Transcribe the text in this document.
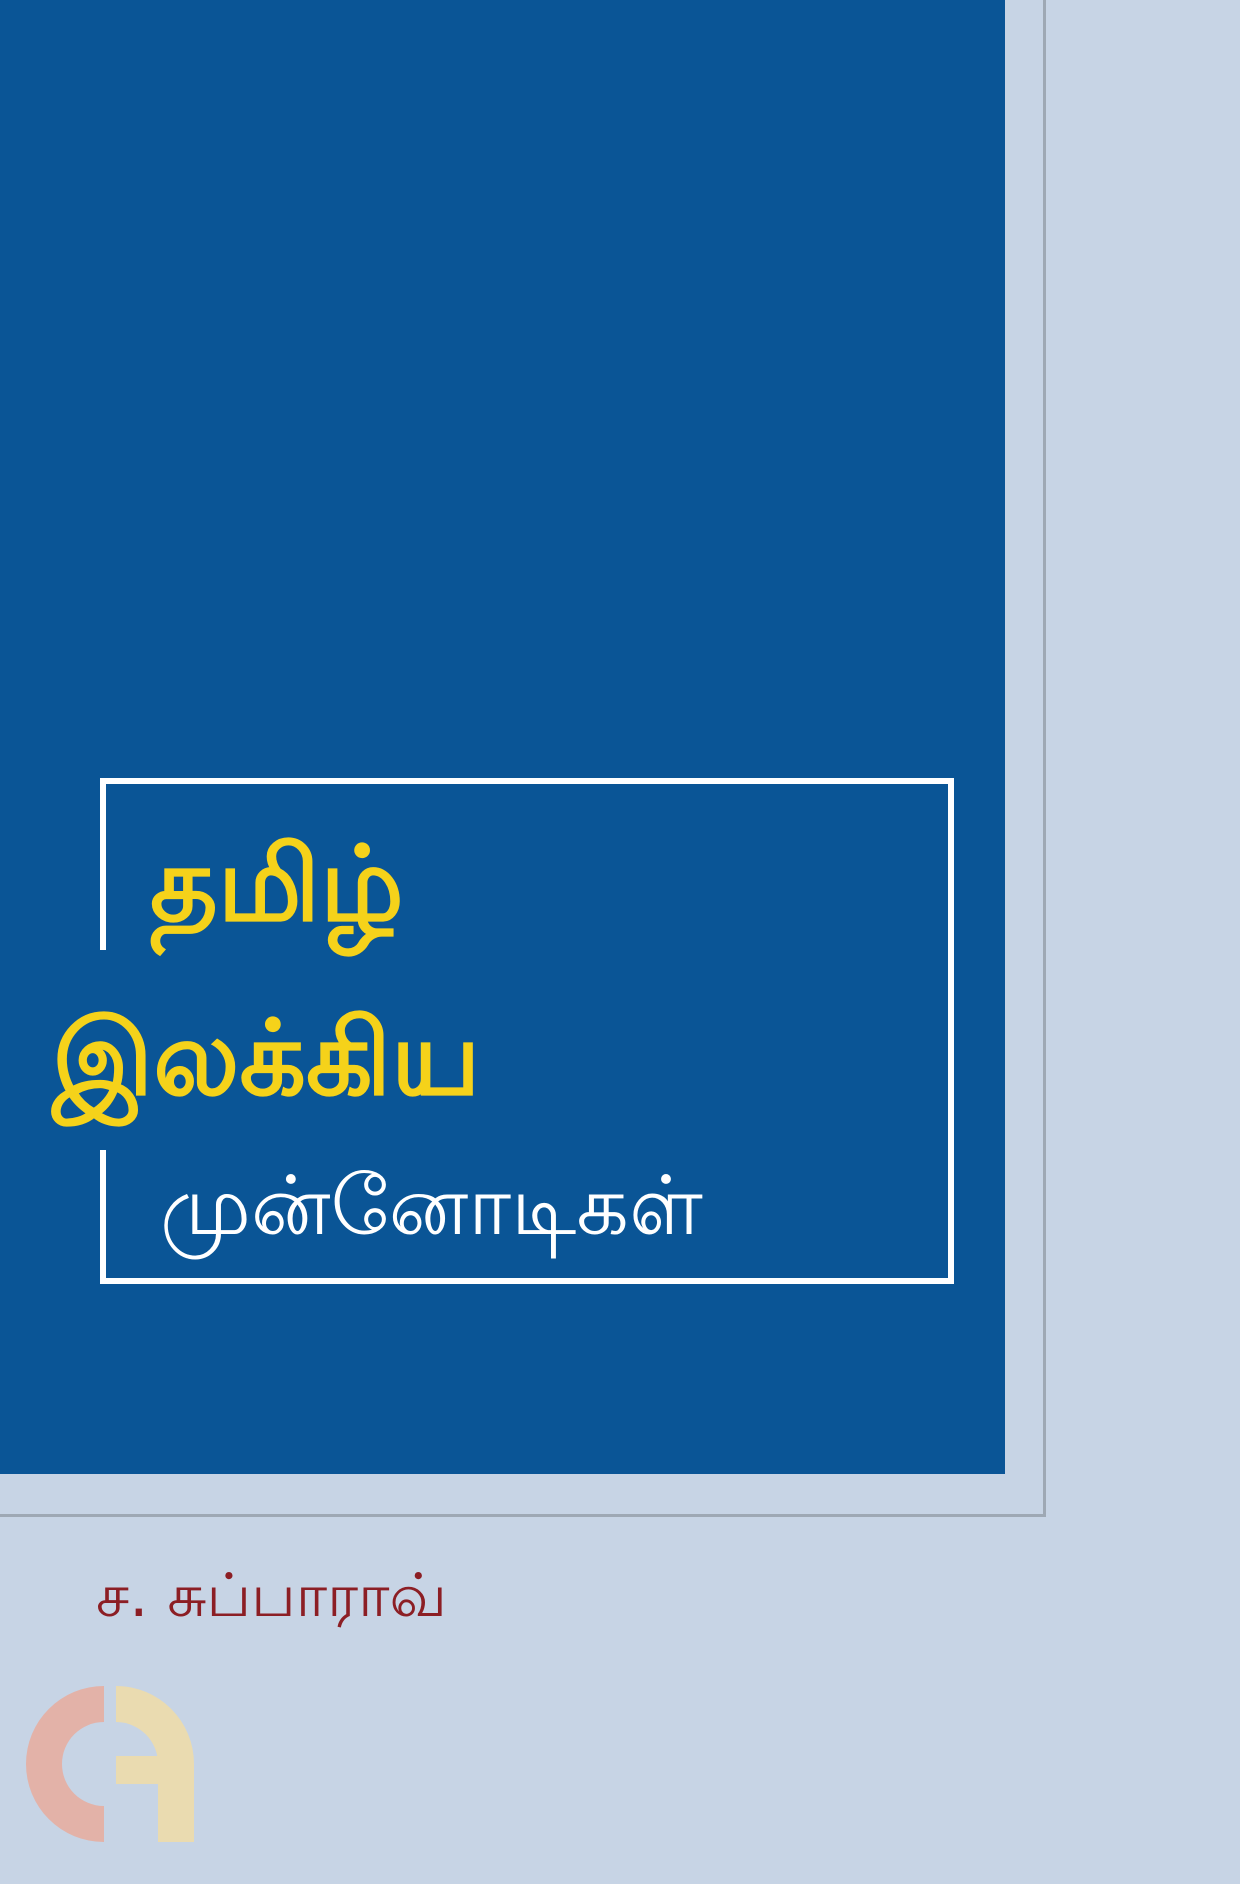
தமிழ்
இலக்கிய
முன்னோடிகள்
ச. சுப்பாராவ்
